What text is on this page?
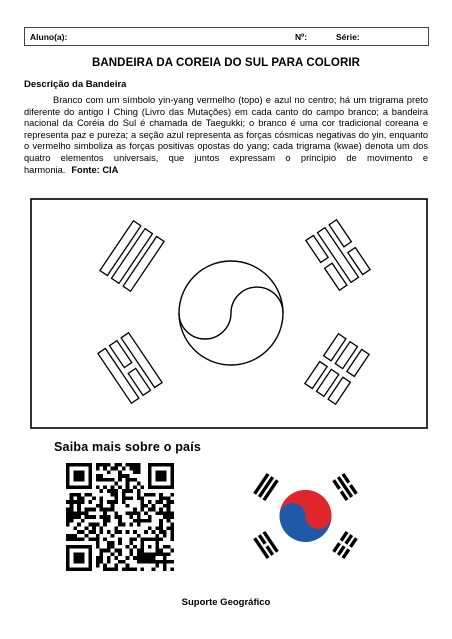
Aluno(a):	Nº:	Série:
BANDEIRA DA COREIA DO SUL PARA COLORIR
Descrição da Bandeira

Branco com um símbolo yin-yang vermelho (topo) e azul no centro; há um trigrama preto diferente do antigo I Ching (Livro das Mutações) em cada canto do campo branco; a bandeira nacional da Coréia do Sul é chamada de Taegukki; o branco é uma cor tradicional coreana e representa paz e pureza; a seção azul representa as forças cósmicas negativas do yin, enquanto o vermelho simboliza as forças positivas opostas do yang; cada trigrama (kwae) denota um dos quatro elementos universais, que juntos expressam o princípio de movimento e harmonia. Fonte: CIA

Saiba mais sobre o país
Suporte Geográfico
